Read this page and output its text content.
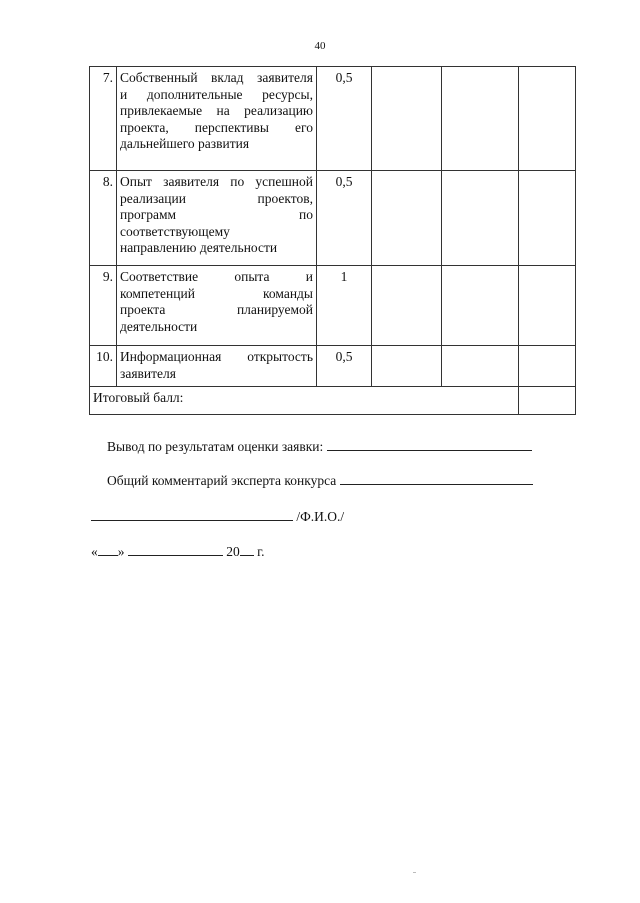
40
7.	Собственный вклад заявителя
и дополнительные ресурсы,
привлекаемые на реализацию
проекта, перспективы его
дальнейшего развития	0,5			
8.	Опыт заявителя по успешной
реализации проектов,
программ по
соответствующему
направлению деятельности	0,5			
9.	Соответствие опыта и
компетенций команды
проекта планируемой
деятельности	1			
10.	Информационная открытость
заявителя	0,5			
Итоговый балл:					
Вывод по результатам оценки заявки:
Общий комментарий эксперта конкурса
/Ф.И.О./
« »	20 г.
